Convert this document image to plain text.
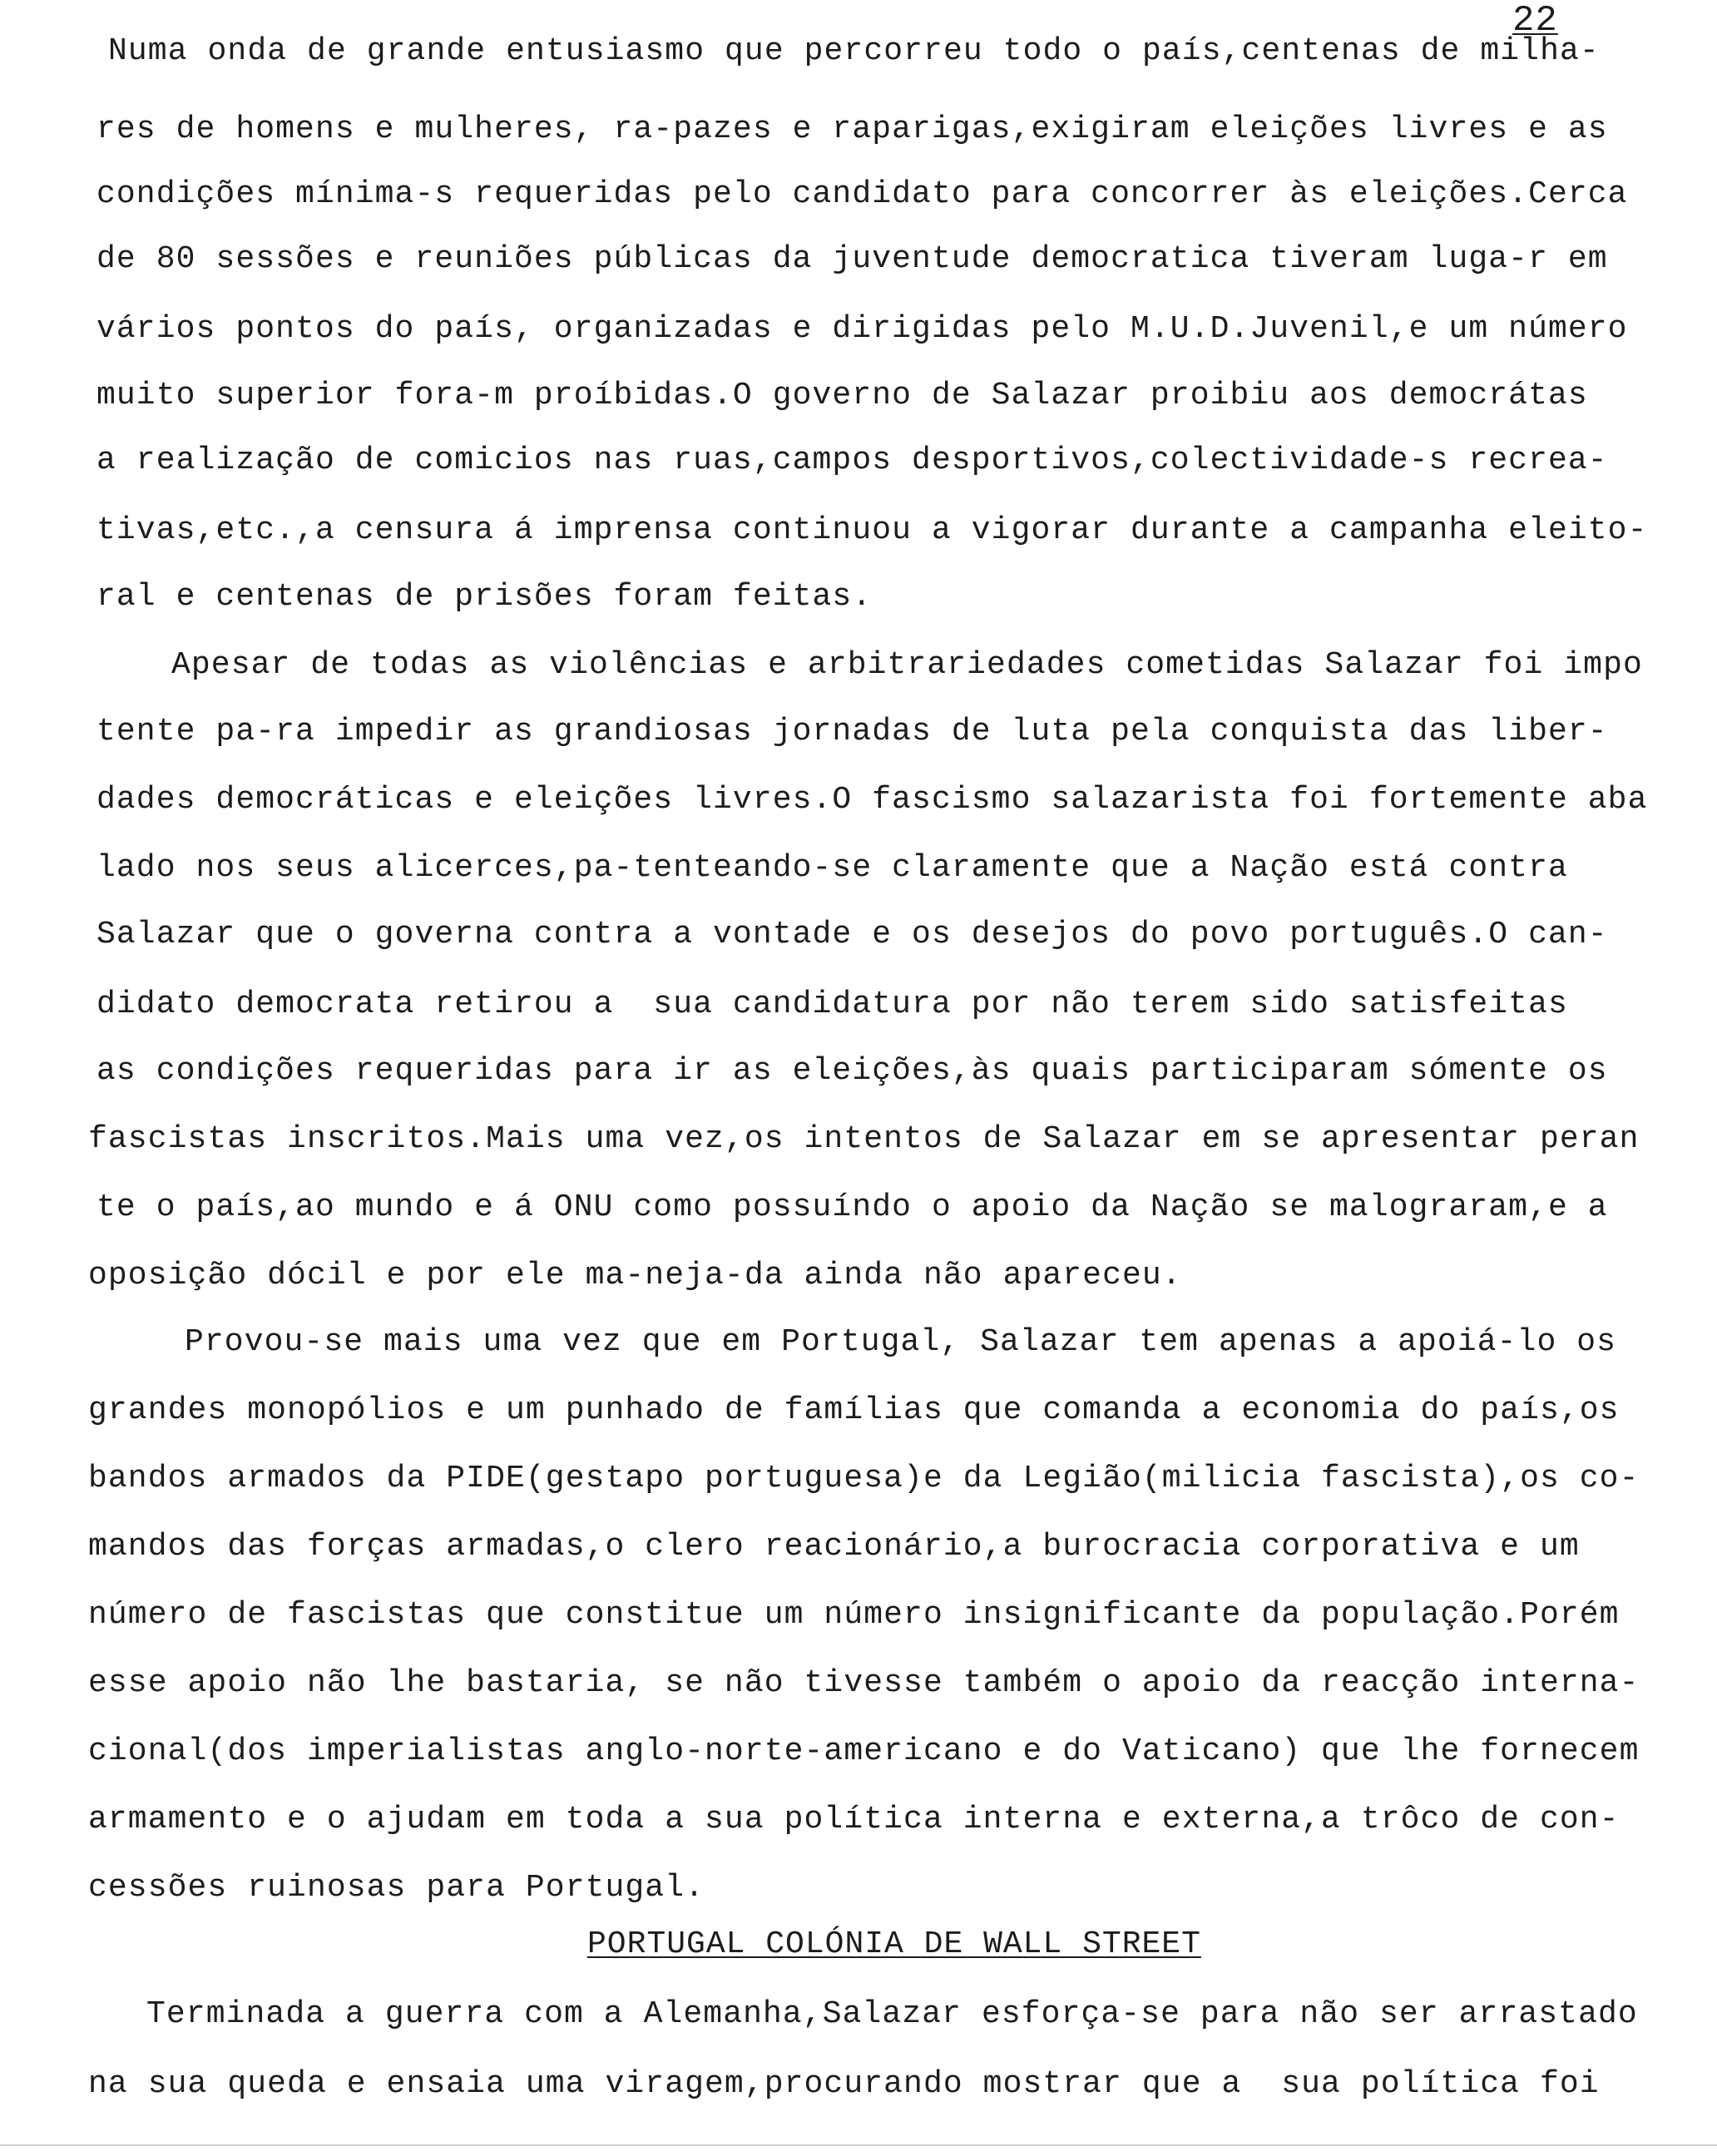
22
Numa onda de grande entusiasmo que percorreu todo o país,centenas de milha-
res de homens e mulheres, ra-pazes e raparigas,exigiram eleições livres e as
condições mínima-s requeridas pelo candidato para concorrer às eleições.Cerca
de 80 sessões e reuniões públicas da juventude democratica tiveram luga-r em
vários pontos do país, organizadas e dirigidas pelo M.U.D.Juvenil,e um número
muito superior fora-m proíbidas.O governo de Salazar proibiu aos democrátas
a realização de comicios nas ruas,campos desportivos,colectividade-s recrea-
tivas,etc.,a censura á imprensa continuou a vigorar durante a campanha eleito-
ral e centenas de prisões foram feitas.
Apesar de todas as violências e arbitrariedades cometidas Salazar foi impo
tente pa-ra impedir as grandiosas jornadas de luta pela conquista das liber-
dades democráticas e eleições livres.O fascismo salazarista foi fortemente aba
lado nos seus alicerces,pa-tenteando-se claramente que a Nação está contra
Salazar que o governa contra a vontade e os desejos do povo português.O can-
didato democrata retirou a  sua candidatura por não terem sido satisfeitas
as condições requeridas para ir as eleições,às quais participaram sómente os
fascistas inscritos.Mais uma vez,os intentos de Salazar em se apresentar peran
te o país,ao mundo e á ONU como possuíndo o apoio da Nação se malograram,e a
oposição dócil e por ele ma-neja-da ainda não apareceu.
Provou-se mais uma vez que em Portugal, Salazar tem apenas a apoiá-lo os
grandes monopólios e um punhado de famílias que comanda a economia do país,os
bandos armados da PIDE(gestapo portuguesa)e da Legião(milicia fascista),os co-
mandos das forças armadas,o clero reacionário,a burocracia corporativa e um
número de fascistas que constitue um número insignificante da população.Porém
esse apoio não lhe bastaria, se não tivesse também o apoio da reacção interna-
cional(dos imperialistas anglo-norte-americano e do Vaticano) que lhe fornecem
armamento e o ajudam em toda a sua política interna e externa,a trôco de con-
cessões ruinosas para Portugal.
PORTUGAL COLÓNIA DE WALL STREET
Terminada a guerra com a Alemanha,Salazar esforça-se para não ser arrastado
na sua queda e ensaia uma viragem,procurando mostrar que a  sua política foi
